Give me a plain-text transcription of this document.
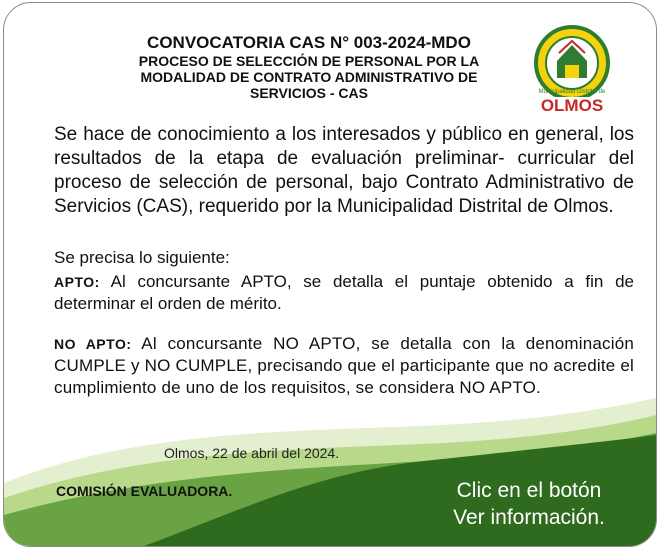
CONVOCATORIA CAS N° 003-2024-MDO
PROCESO DE SELECCIÓN DE PERSONAL POR LA
MODALIDAD DE CONTRATO ADMINISTRATIVO DE
SERVICIOS - CAS	Municipalidad Distrital de
OLMOS
Se hace de conocimiento a los interesados y público en general, los resultados de la etapa de evaluación preliminar- curricular del proceso de selección de personal, bajo Contrato Administrativo de Servicios (CAS), requerido por la Municipalidad Distrital de Olmos.
Se precisa lo siguiente:
APTO: Al concursante APTO, se detalla el puntaje obtenido a fin de determinar el orden de mérito.
NO APTO: Al concursante NO APTO, se detalla con la denominación CUMPLE y NO CUMPLE, precisando que el participante que no acredite el cumplimiento de uno de los requisitos, se considera NO APTO.
Olmos, 22 de abril del 2024.
COMISIÓN EVALUADORA.	Clic en el botón
Ver información.
